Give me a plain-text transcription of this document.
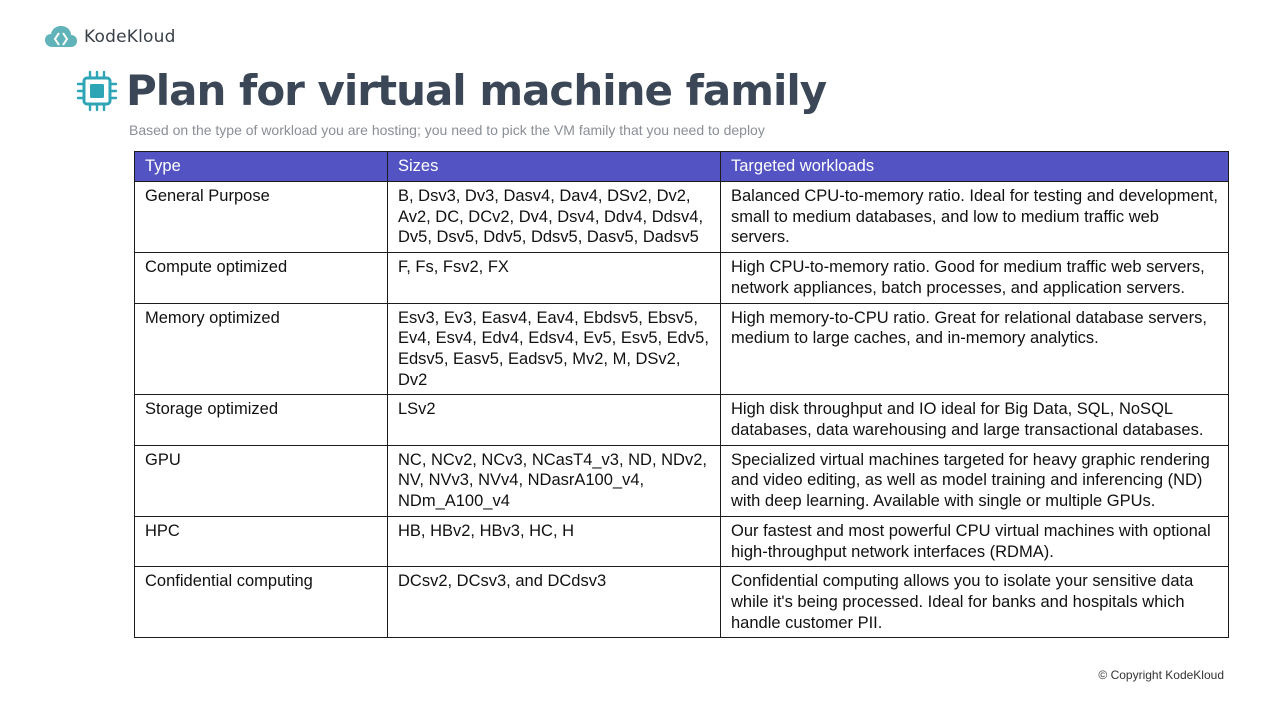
KodeKloud
Plan for virtual machine family
Based on the type of workload you are hosting; you need to pick the VM family that you need to deploy
Type	Sizes	Targeted workloads
General Purpose	B, Dsv3, Dv3, Dasv4, Dav4, DSv2, Dv2, Av2, DC, DCv2, Dv4, Dsv4, Ddv4, Ddsv4, Dv5, Dsv5, Ddv5, Ddsv5, Dasv5, Dadsv5	Balanced CPU-to-memory ratio. Ideal for testing and development, small to medium databases, and low to medium traffic web servers.
Compute optimized	F, Fs, Fsv2, FX	High CPU-to-memory ratio. Good for medium traffic web servers, network appliances, batch processes, and application servers.
Memory optimized	Esv3, Ev3, Easv4, Eav4, Ebdsv5, Ebsv5, Ev4, Esv4, Edv4, Edsv4, Ev5, Esv5, Edv5, Edsv5, Easv5, Eadsv5, Mv2, M, DSv2, Dv2	High memory-to-CPU ratio. Great for relational database servers, medium to large caches, and in-memory analytics.
Storage optimized	LSv2	High disk throughput and IO ideal for Big Data, SQL, NoSQL databases, data warehousing and large transactional databases.
GPU	NC, NCv2, NCv3, NCasT4_v3, ND, NDv2, NV, NVv3, NVv4, NDasrA100_v4, NDm_A100_v4	Specialized virtual machines targeted for heavy graphic rendering and video editing, as well as model training and inferencing (ND) with deep learning. Available with single or multiple GPUs.
HPC	HB, HBv2, HBv3, HC, H	Our fastest and most powerful CPU virtual machines with optional high-throughput network interfaces (RDMA).
Confidential computing	DCsv2, DCsv3, and DCdsv3	Confidential computing allows you to isolate your sensitive data while it's being processed. Ideal for banks and hospitals which handle customer PII.
© Copyright KodeKloud
